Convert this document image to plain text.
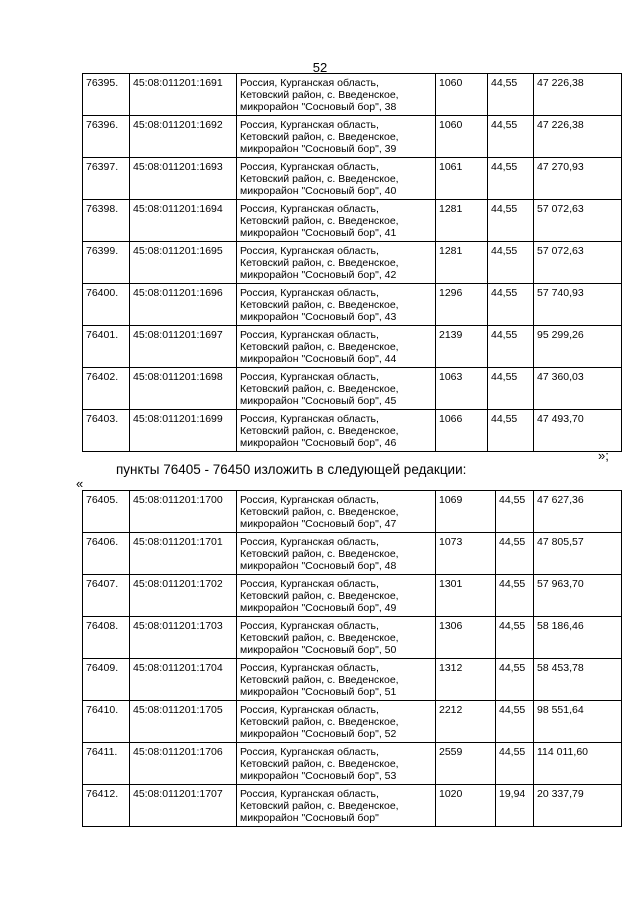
52
76395.	45:08:011201:1691	Россия, Курганская область,
Кетовский район, с. Введенское,
микрорайон "Сосновый бор", 38	1060	44,55	47 226,38
76396.	45:08:011201:1692	Россия, Курганская область,
Кетовский район, с. Введенское,
микрорайон "Сосновый бор", 39	1060	44,55	47 226,38
76397.	45:08:011201:1693	Россия, Курганская область,
Кетовский район, с. Введенское,
микрорайон "Сосновый бор", 40	1061	44,55	47 270,93
76398.	45:08:011201:1694	Россия, Курганская область,
Кетовский район, с. Введенское,
микрорайон "Сосновый бор", 41	1281	44,55	57 072,63
76399.	45:08:011201:1695	Россия, Курганская область,
Кетовский район, с. Введенское,
микрорайон "Сосновый бор", 42	1281	44,55	57 072,63
76400.	45:08:011201:1696	Россия, Курганская область,
Кетовский район, с. Введенское,
микрорайон "Сосновый бор", 43	1296	44,55	57 740,93
76401.	45:08:011201:1697	Россия, Курганская область,
Кетовский район, с. Введенское,
микрорайон "Сосновый бор", 44	2139	44,55	95 299,26
76402.	45:08:011201:1698	Россия, Курганская область,
Кетовский район, с. Введенское,
микрорайон "Сосновый бор", 45	1063	44,55	47 360,03
76403.	45:08:011201:1699	Россия, Курганская область,
Кетовский район, с. Введенское,
микрорайон "Сосновый бор", 46	1066	44,55	47 493,70
»;
пункты 76405 - 76450 изложить в следующей редакции:
«
76405.	45:08:011201:1700	Россия, Курганская область,
Кетовский район, с. Введенское,
микрорайон "Сосновый бор", 47	1069	44,55	47 627,36
76406.	45:08:011201:1701	Россия, Курганская область,
Кетовский район, с. Введенское,
микрорайон "Сосновый бор", 48	1073	44,55	47 805,57
76407.	45:08:011201:1702	Россия, Курганская область,
Кетовский район, с. Введенское,
микрорайон "Сосновый бор", 49	1301	44,55	57 963,70
76408.	45:08:011201:1703	Россия, Курганская область,
Кетовский район, с. Введенское,
микрорайон "Сосновый бор", 50	1306	44,55	58 186,46
76409.	45:08:011201:1704	Россия, Курганская область,
Кетовский район, с. Введенское,
микрорайон "Сосновый бор", 51	1312	44,55	58 453,78
76410.	45:08:011201:1705	Россия, Курганская область,
Кетовский район, с. Введенское,
микрорайон "Сосновый бор", 52	2212	44,55	98 551,64
76411.	45:08:011201:1706	Россия, Курганская область,
Кетовский район, с. Введенское,
микрорайон "Сосновый бор", 53	2559	44,55	114 011,60
76412.	45:08:011201:1707	Россия, Курганская область,
Кетовский район, с. Введенское,
микрорайон "Сосновый бор"	1020	19,94	20 337,79
